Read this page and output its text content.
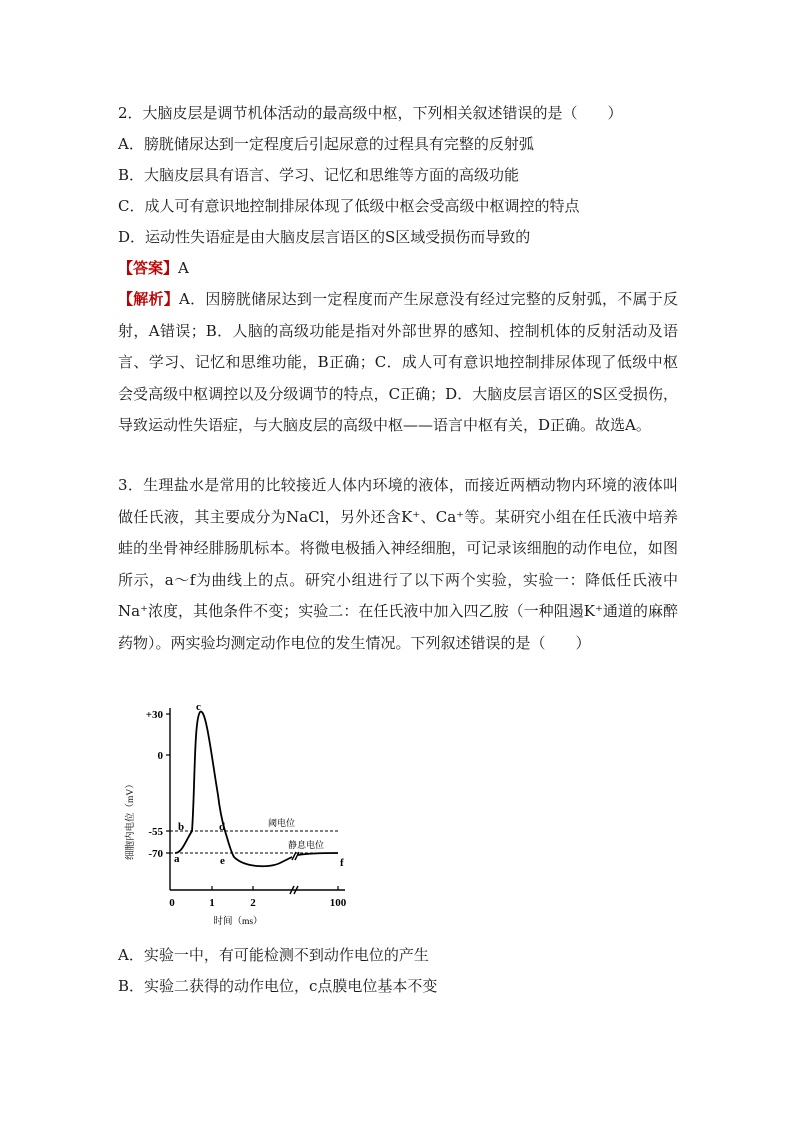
2．大脑皮层是调节机体活动的最高级中枢，下列相关叙述错误的是（　　）
A．膀胱储尿达到一定程度后引起尿意的过程具有完整的反射弧
B．大脑皮层具有语言、学习、记忆和思维等方面的高级功能
C．成人可有意识地控制排尿体现了低级中枢会受高级中枢调控的特点
D．运动性失语症是由大脑皮层言语区的S区域受损伤而导致的
【答案】A
【解析】A．因膀胱储尿达到一定程度而产生尿意没有经过完整的反射弧，不属于反射，A错误；B．人脑的高级功能是指对外部世界的感知、控制机体的反射活动及语言、学习、记忆和思维功能，B正确；C．成人可有意识地控制排尿体现了低级中枢会受高级中枢调控以及分级调节的特点，C正确；D．大脑皮层言语区的S区受损伤，导致运动性失语症，与大脑皮层的高级中枢——语言中枢有关，D正确。故选A。
3．生理盐水是常用的比较接近人体内环境的液体，而接近两栖动物内环境的液体叫做任氏液，其主要成分为NaCl，另外还含K⁺、Ca⁺等。某研究小组在任氏液中培养蛙的坐骨神经腓肠肌标本。将微电极插入神经细胞，可记录该细胞的动作电位，如图所示，a～f为曲线上的点。研究小组进行了以下两个实验，实验一：降低任氏液中Na⁺浓度，其他条件不变；实验二：在任氏液中加入四乙胺（一种阻遏K⁺通道的麻醉药物）。两实验均测定动作电位的发生情况。下列叙述错误的是（　　）
+30
0
-55
-70
0	1	2	100
细胞内电位（mV）
时间（ms）
阈电位
静息电位
a
b
c
d
e	f
A．实验一中，有可能检测不到动作电位的产生
B．实验二获得的动作电位，c点膜电位基本不变
